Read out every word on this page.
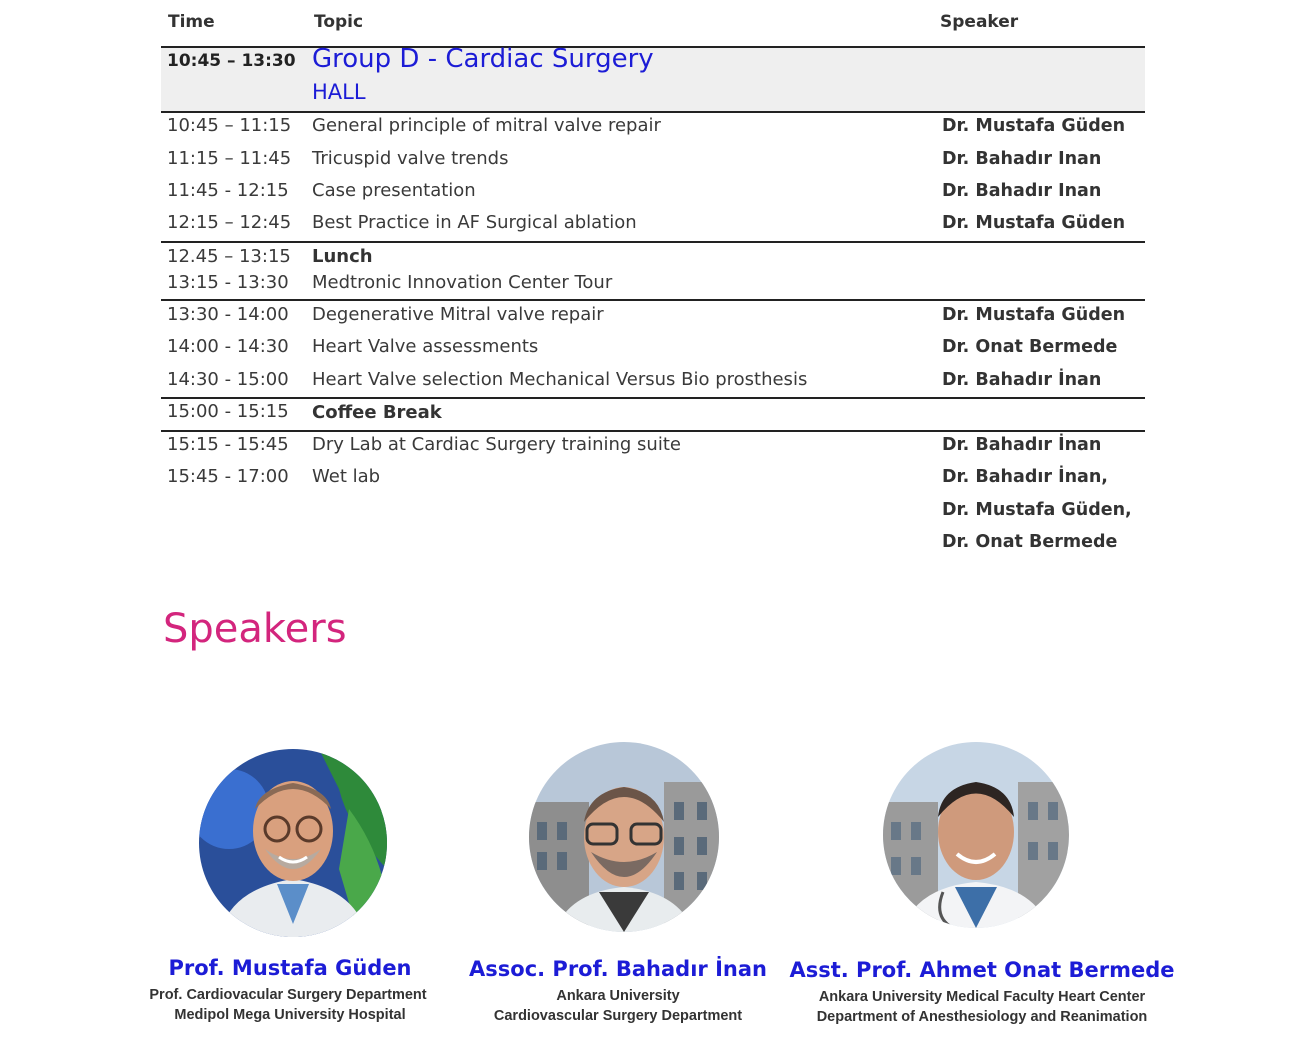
Time	Topic	Speaker
10:45 – 13:30 Group D - Cardiac Surgery
HALL
10:45 – 11:15 General principle of mitral valve repair	Dr. Mustafa Güden
11:15 – 11:45 Tricuspid valve trends	Dr. Bahadır Inan
11:45 - 12:15 Case presentation	Dr. Bahadır Inan
12:15 – 12:45 Best Practice in AF Surgical ablation	Dr. Mustafa Güden
12.45 – 13:15 Lunch
13:15 - 13:30 Medtronic Innovation Center Tour
13:30 - 14:00 Degenerative Mitral valve repair	Dr. Mustafa Güden
14:00 - 14:30 Heart Valve assessments	Dr. Onat Bermede
14:30 - 15:00 Heart Valve selection Mechanical Versus Bio prosthesis	Dr. Bahadır İnan
15:00 - 15:15 Coffee Break
15:15 - 15:45 Dry Lab at Cardiac Surgery training suite	Dr. Bahadır İnan
15:45 - 17:00 Wet lab	Dr. Bahadır İnan,
Dr. Mustafa Güden,
Dr. Onat Bermede
Speakers
Prof. Mustafa Güden
Prof. Cardiovacular Surgery Department
Medipol Mega University Hospital
Assoc. Prof. Bahadır İnan
Ankara University
Cardiovascular Surgery Department
Asst. Prof. Ahmet Onat Bermede
Ankara University Medical Faculty Heart Center
Department of Anesthesiology and Reanimation
